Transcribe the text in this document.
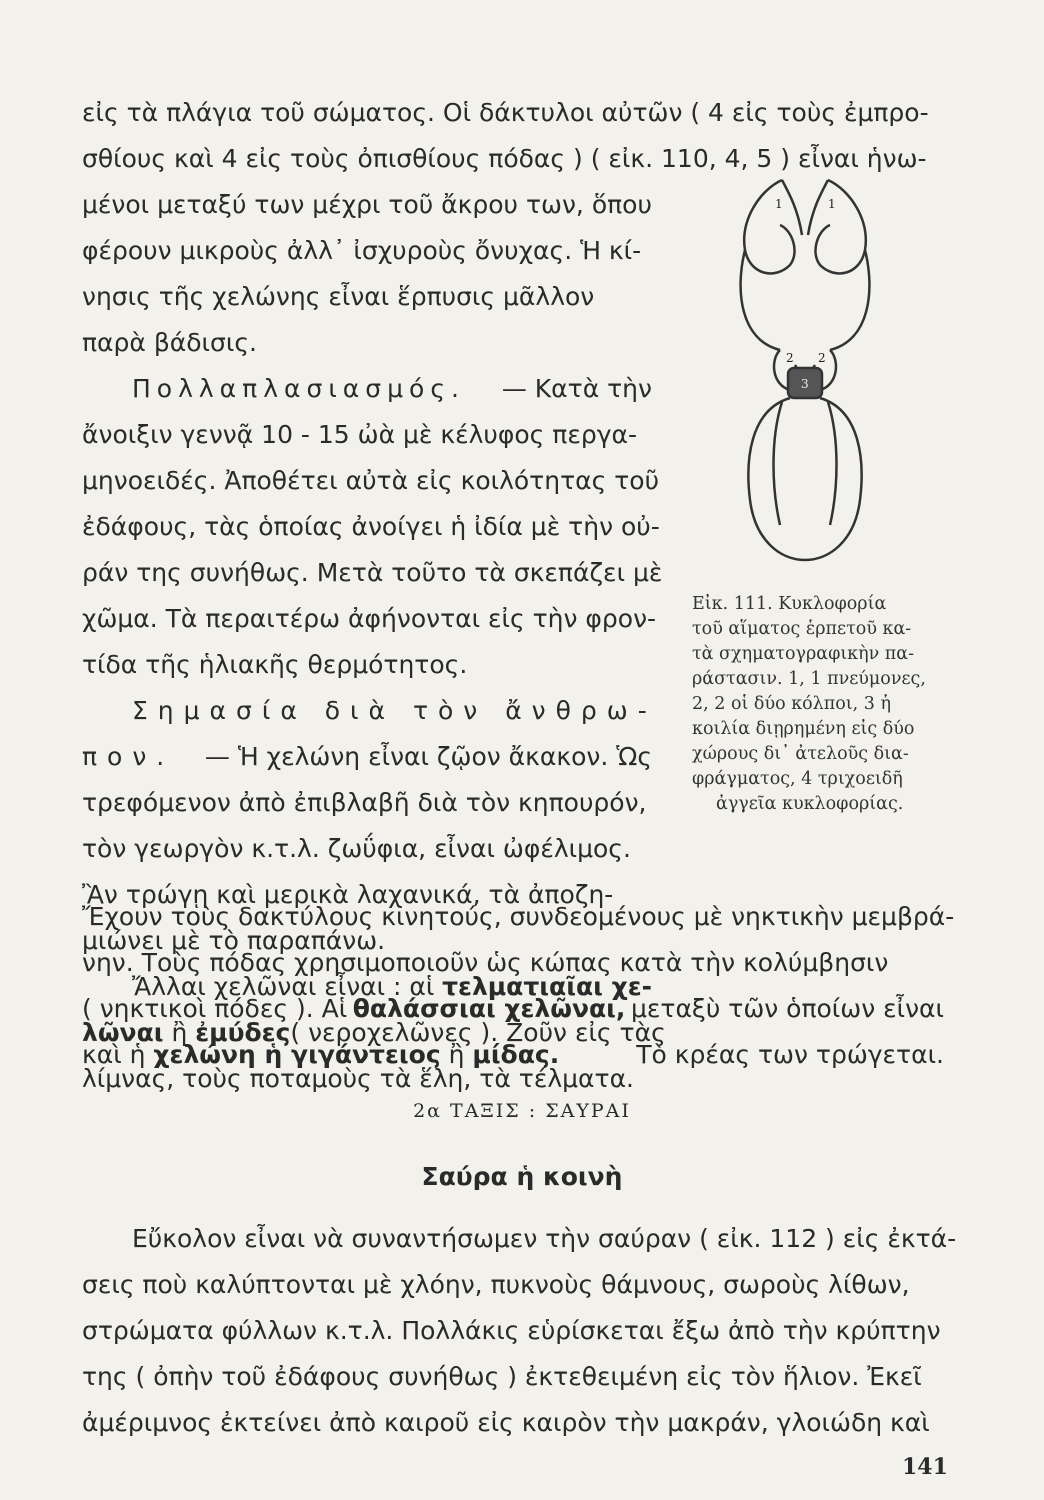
εἰς τὰ πλάγια τοῦ σώματος. Οἱ δάκτυλοι αὐτῶν ( 4 εἰς τοὺς ἐμπρο-
σθίους καὶ 4 εἰς τοὺς ὀπισθίους πόδας ) ( εἰκ. 110, 4, 5 ) εἶναι ἡνω-
μένοι μεταξύ των μέχρι τοῦ ἄκρου των, ὅπου
φέρουν μικροὺς ἀλλ᾽ ἰσχυροὺς ὄνυχας. Ἡ κί-
νησις τῆς χελώνης εἶναι ἕρπυσις μᾶλλον
παρὰ βάδισις.
Πολλαπλασιασμός. — Κατὰ τὴν
ἄνοιξιν γεννᾷ 10 - 15 ὠὰ μὲ κέλυφος περγα-
μηνοειδές. Ἀποθέτει αὐτὰ εἰς κοιλότητας τοῦ
ἐδάφους, τὰς ὁποίας ἀνοίγει ἡ ἰδία μὲ τὴν οὐ-
ράν της συνήθως. Μετὰ τοῦτο τὰ σκεπάζει μὲ
χῶμα. Τὰ περαιτέρω ἀφήνονται εἰς τὴν φρον-
τίδα τῆς ἡλιακῆς θερμότητος.
Σημασία διὰ τὸν ἄνθρω-
πον. — Ἡ χελώνη εἶναι ζῷον ἄκακον. Ὡς
τρεφόμενον ἀπὸ ἐπιβλαβῆ διὰ τὸν κηπουρόν,
τὸν γεωργὸν κ.τ.λ. ζωΰφια, εἶναι ὠφέλιμος.
Ἂν τρώγῃ καὶ μερικὰ λαχανικά, τὰ ἀποζη-
μιώνει μὲ τὸ παραπάνω.
Ἄλλαι χελῶναι εἶναι : αἱ τελματιαῖαι χε-
λῶναι ἢ ἐμύδες ( νεροχελῶνες ). Ζοῦν εἰς τὰς
λίμνας, τοὺς ποταμοὺς τὰ ἕλη, τὰ τέλματα.
1	1
2 2
3
Εἰκ. 111. Κυκλοφορία
τοῦ αἵματος ἑρπετοῦ κα-
τὰ σχηματογραφικὴν πα-
ράστασιν. 1, 1 πνεύμονες,
2, 2 οἱ δύο κόλποι, 3 ἡ
κοιλία διῃρημένη εἰς δύο
χώρους δι᾽ ἀτελοῦς δια-
φράγματος, 4 τριχοειδῆ
ἀγγεῖα κυκλοφορίας.
Ἔχουν τοὺς δακτύλους κινητούς, συνδεομένους μὲ νηκτικὴν μεμβρά-
νην. Τοὺς πόδας χρησιμοποιοῦν ὡς κώπας κατὰ τὴν κολύμβησιν
( νηκτικοὶ πόδες ). Αἱ θαλάσσιαι χελῶναι, μεταξὺ τῶν ὁποίων εἶναι
καὶ ἡ χελώνη ἡ γιγάντειος ἢ μίδας.	Τὸ κρέας των τρώγεται.
2α ΤΑΞΙΣ : ΣΑΥΡΑΙ
Σαύρα ἡ κοινὴ
Εὔκολον εἶναι νὰ συναντήσωμεν τὴν σαύραν ( εἰκ. 112 ) εἰς ἐκτά-
σεις ποὺ καλύπτονται μὲ χλόην, πυκνοὺς θάμνους, σωροὺς λίθων,
στρώματα φύλλων κ.τ.λ. Πολλάκις εὑρίσκεται ἔξω ἀπὸ τὴν κρύπτην
της ( ὀπὴν τοῦ ἐδάφους συνήθως ) ἐκτεθειμένη εἰς τὸν ἥλιον. Ἐκεῖ
ἀμέριμνος ἐκτείνει ἀπὸ καιροῦ εἰς καιρὸν τὴν μακράν, γλοιώδη καὶ
141
